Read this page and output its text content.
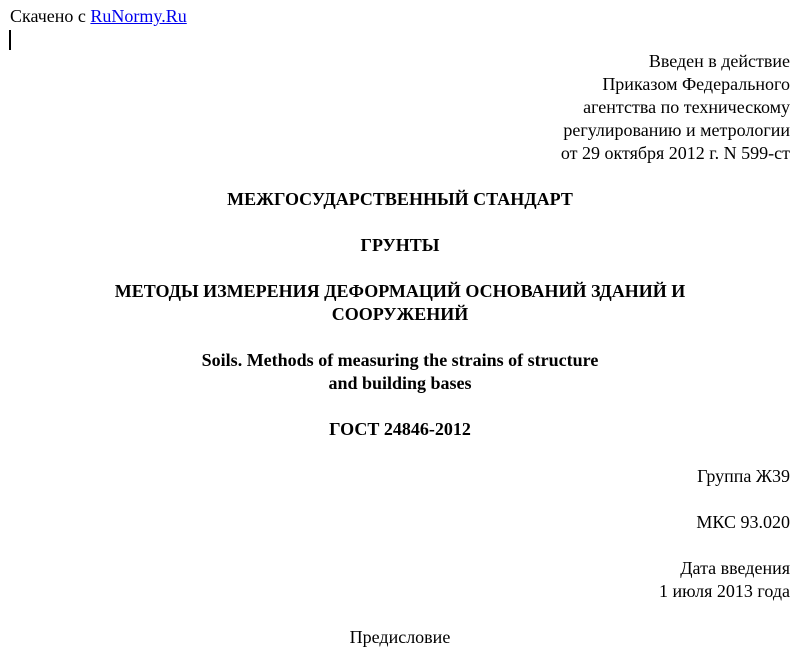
Скачено с RuNormy.Ru
Введен в действие
Приказом Федерального
агентства по техническому
регулированию и метрологии
от 29 октября 2012 г. N 599-ст
МЕЖГОСУДАРСТВЕННЫЙ СТАНДАРТ
ГРУНТЫ
МЕТОДЫ ИЗМЕРЕНИЯ ДЕФОРМАЦИЙ ОСНОВАНИЙ ЗДАНИЙ И
СООРУЖЕНИЙ
Soils. Methods of measuring the strains of structure
and building bases
ГОСТ 24846-2012
Группа Ж39
МКС 93.020
Дата введения
1 июля 2013 года
Предисловие
